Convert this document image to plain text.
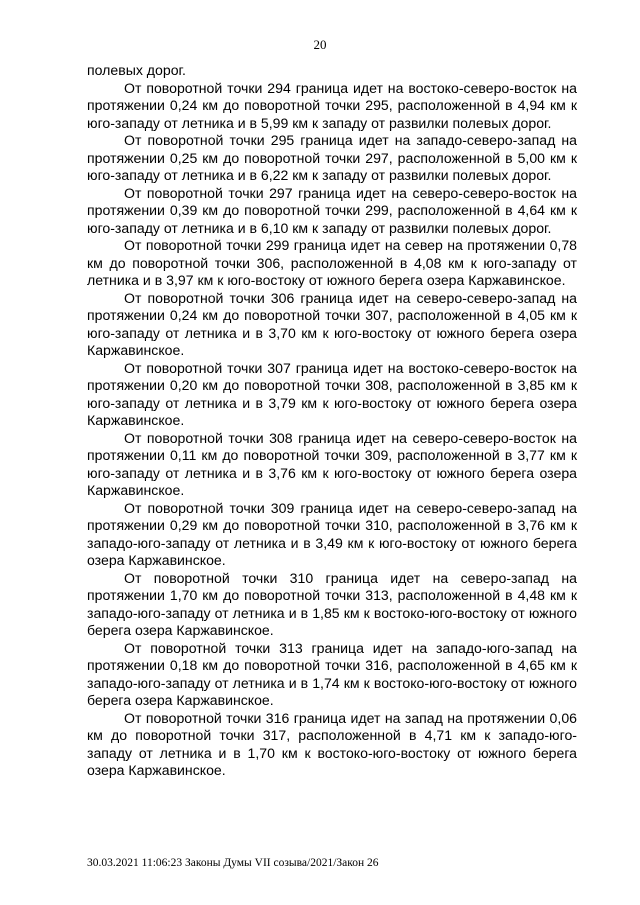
20

полевых дорог.

От поворотной точки 294 граница идет на востоко-северо-восток на протяжении 0,24 км до поворотной точки 295, расположенной в 4,94 км к юго-западу от летника и в 5,99 км к западу от развилки полевых дорог.

От поворотной точки 295 граница идет на западо-северо-запад на протяжении 0,25 км до поворотной точки 297, расположенной в 5,00 км к юго-западу от летника и в 6,22 км к западу от развилки полевых дорог.

От поворотной точки 297 граница идет на северо-северо-восток на протяжении 0,39 км до поворотной точки 299, расположенной в 4,64 км к юго-западу от летника и в 6,10 км к западу от развилки полевых дорог.

От поворотной точки 299 граница идет на север на протяжении 0,78 км до поворотной точки 306, расположенной в 4,08 км к юго-западу от летника и в 3,97 км к юго-востоку от южного берега озера Каржавинское.

От поворотной точки 306 граница идет на северо-северо-запад на протяжении 0,24 км до поворотной точки 307, расположенной в 4,05 км к юго-западу от летника и в 3,70 км к юго-востоку от южного берега озера Каржавинское.

От поворотной точки 307 граница идет на востоко-северо-восток на протяжении 0,20 км до поворотной точки 308, расположенной в 3,85 км к юго-западу от летника и в 3,79 км к юго-востоку от южного берега озера Каржавинское.

От поворотной точки 308 граница идет на северо-северо-восток на протяжении 0,11 км до поворотной точки 309, расположенной в 3,77 км к юго-западу от летника и в 3,76 км к юго-востоку от южного берега озера Каржавинское.

От поворотной точки 309 граница идет на северо-северо-запад на протяжении 0,29 км до поворотной точки 310, расположенной в 3,76 км к западо-юго-западу от летника и в 3,49 км к юго-востоку от южного берега озера Каржавинское.

От поворотной точки 310 граница идет на северо-запад на протяжении 1,70 км до поворотной точки 313, расположенной в 4,48 км к западо-юго-западу от летника и в 1,85 км к востоко-юго-востоку от южного берега озера Каржавинское.

От поворотной точки 313 граница идет на западо-юго-запад на протяжении 0,18 км до поворотной точки 316, расположенной в 4,65 км к западо-юго-западу от летника и в 1,74 км к востоко-юго-востоку от южного берега озера Каржавинское.

От поворотной точки 316 граница идет на запад на протяжении 0,06 км до поворотной точки 317, расположенной в 4,71 км к западо-юго-западу от летника и в 1,70 км к востоко-юго-востоку от южного берега озера Каржавинское.

30.03.2021 11:06:23 Законы Думы VII созыва/2021/Закон 26
